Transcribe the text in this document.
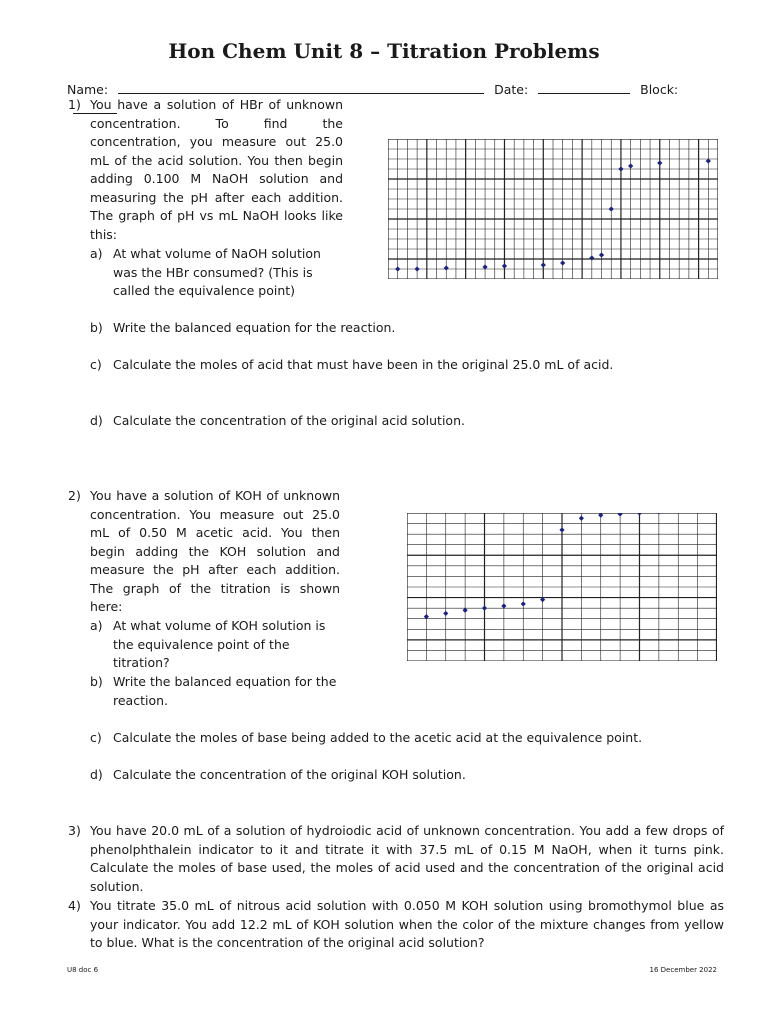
Hon Chem Unit 8 – Titration Problems
Name:	Date:	Block:
1) You have a solution of HBr of unknown concentration. To find the concentration, you measure out 25.0 mL of the acid solution. You then begin adding 0.100 M NaOH solution and measuring the pH after each addition. The graph of pH vs mL NaOH looks like this:
a) At what volume of NaOH solution was the HBr consumed? (This is called the equivalence point)
b) Write the balanced equation for the reaction.
c) Calculate the moles of acid that must have been in the original 25.0 mL of acid.
d) Calculate the concentration of the original acid solution.
2) You have a solution of KOH of unknown concentration. You measure out 25.0 mL of 0.50 M acetic acid. You then begin adding the KOH solution and measure the pH after each addition. The graph of the titration is shown here:
a) At what volume of KOH solution is the equivalence point of the titration?
b) Write the balanced equation for the reaction.
c) Calculate the moles of base being added to the acetic acid at the equivalence point.
d) Calculate the concentration of the original KOH solution.
3) You have 20.0 mL of a solution of hydroiodic acid of unknown concentration. You add a few drops of phenolphthalein indicator to it and titrate it with 37.5 mL of 0.15 M NaOH, when it turns pink. Calculate the moles of base used, the moles of acid used and the concentration of the original acid solution.
4) You titrate 35.0 mL of nitrous acid solution with 0.050 M KOH solution using bromothymol blue as your indicator. You add 12.2 mL of KOH solution when the color of the mixture changes from yellow to blue. What is the concentration of the original acid solution?
U8 doc 6	16 December 2022
